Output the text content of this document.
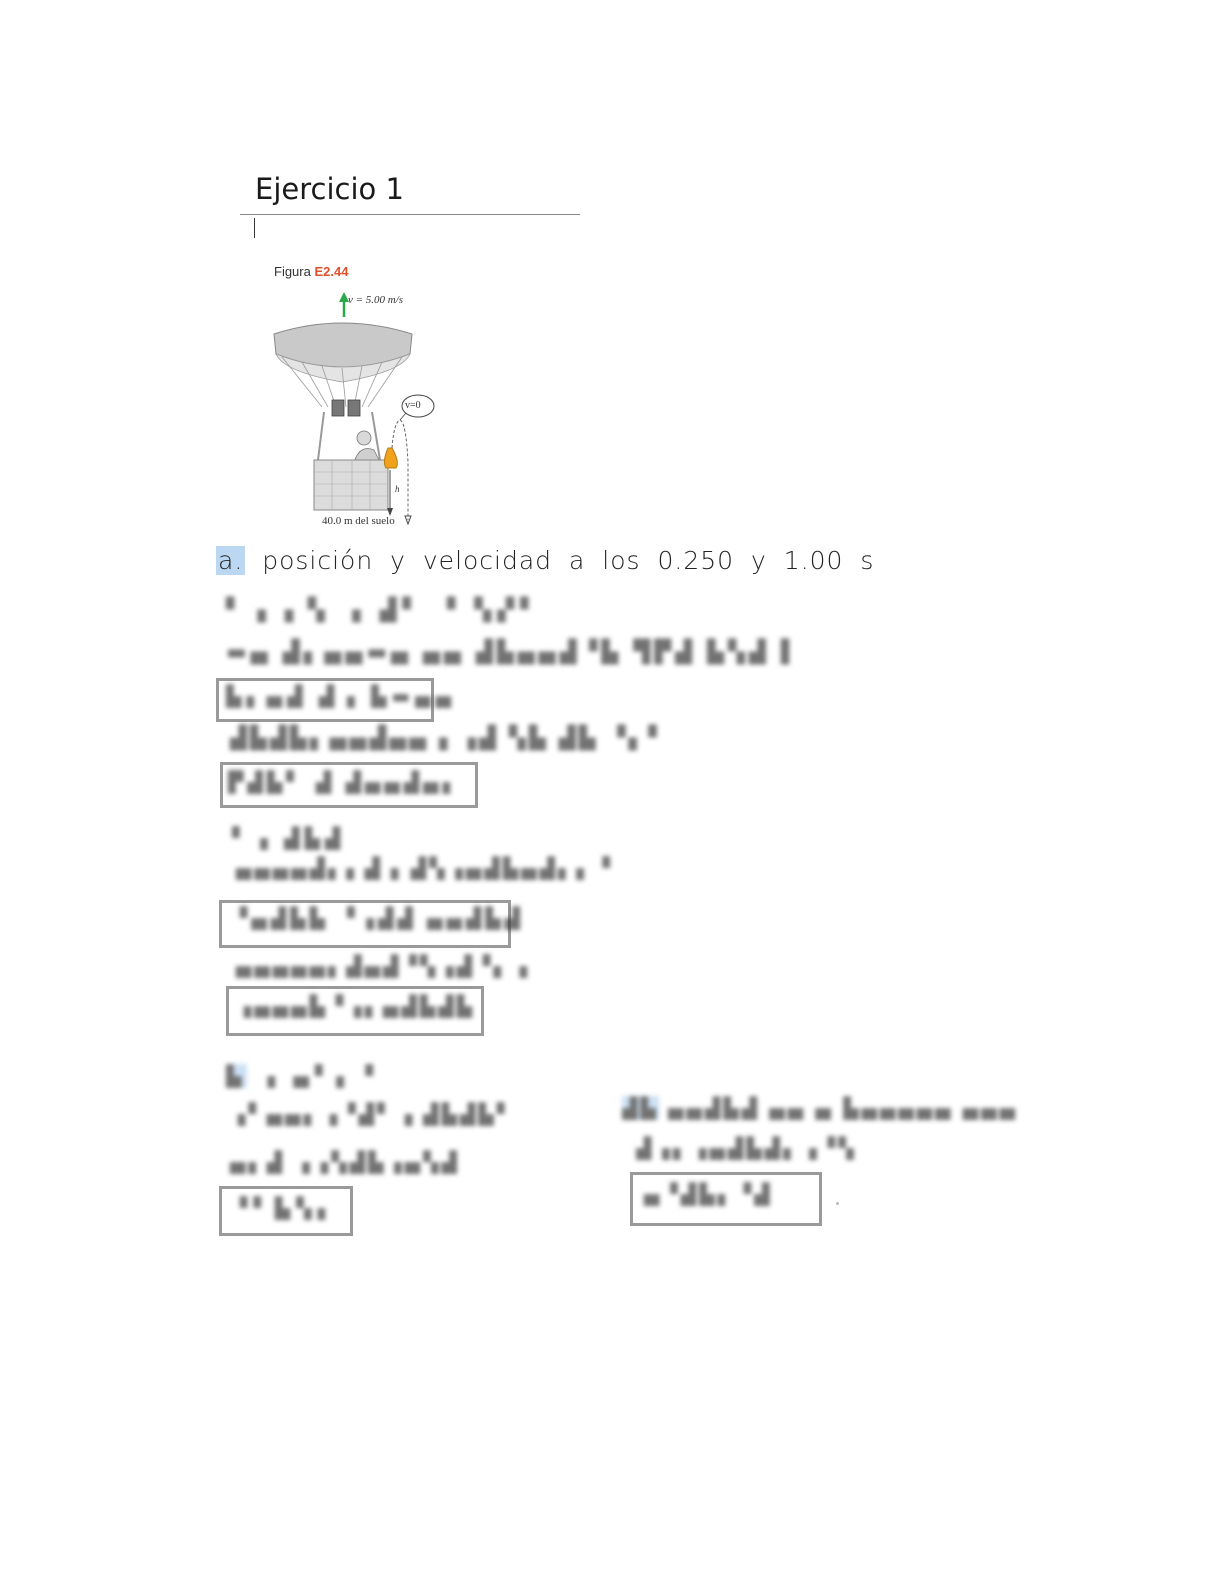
Ejercicio 1
h
Figura E2.44
v = 5.00 m/s
v=0
40.0 m del suelo
a. posición y velocidad a los 0.250 y 1.00 s
▘▗ ▖▚ ▗ ▟▘ ▝ ▚▞▘
▬▄ ▟▖▄▄▬▄ ▄▄ ▟▙▄▄▟▝▙ ▜▛▟ ▙▚▟ ▌
▙▖▄▟ ▟▗ ▙▬▄▄
▟▙▟▙▖▄▄▟▄▄ ▖▗▟ ▚▙ ▟▙ ▝▖▘
▛▟▙▘ ▟ ▟▄▄▟▄▖
▘▗ ▟▙▟
▄▄▄▄▟▖▖▟▗ ▟▚▗▄▟▙▄▟▖▖▝
▝▄▟▙▙ ▝▗▟▟ ▄▄▟▙▟
▄▄▄▄▄▖▟▄▟▝▚▗▟▝▖▗
▗▄▄▄▙▝▗▖▄▟▙▟▙
▙ ▗ ▄▘▖▝
▗▘▄▄▖▗▝▟▘ ▖▟▙▟▙▘
▄▖▟ ▗▗▚▟▙▗▄▚▟
▝▘▙▚▖
▟▙ ▄▄▟▙▟ ▄▄ ▄ ▙▄▄▄▄▄ ▄▄▄
▟▗▖▗▄▟▙▟▖▗▝▚
▄▝▟▙▖▝▟
